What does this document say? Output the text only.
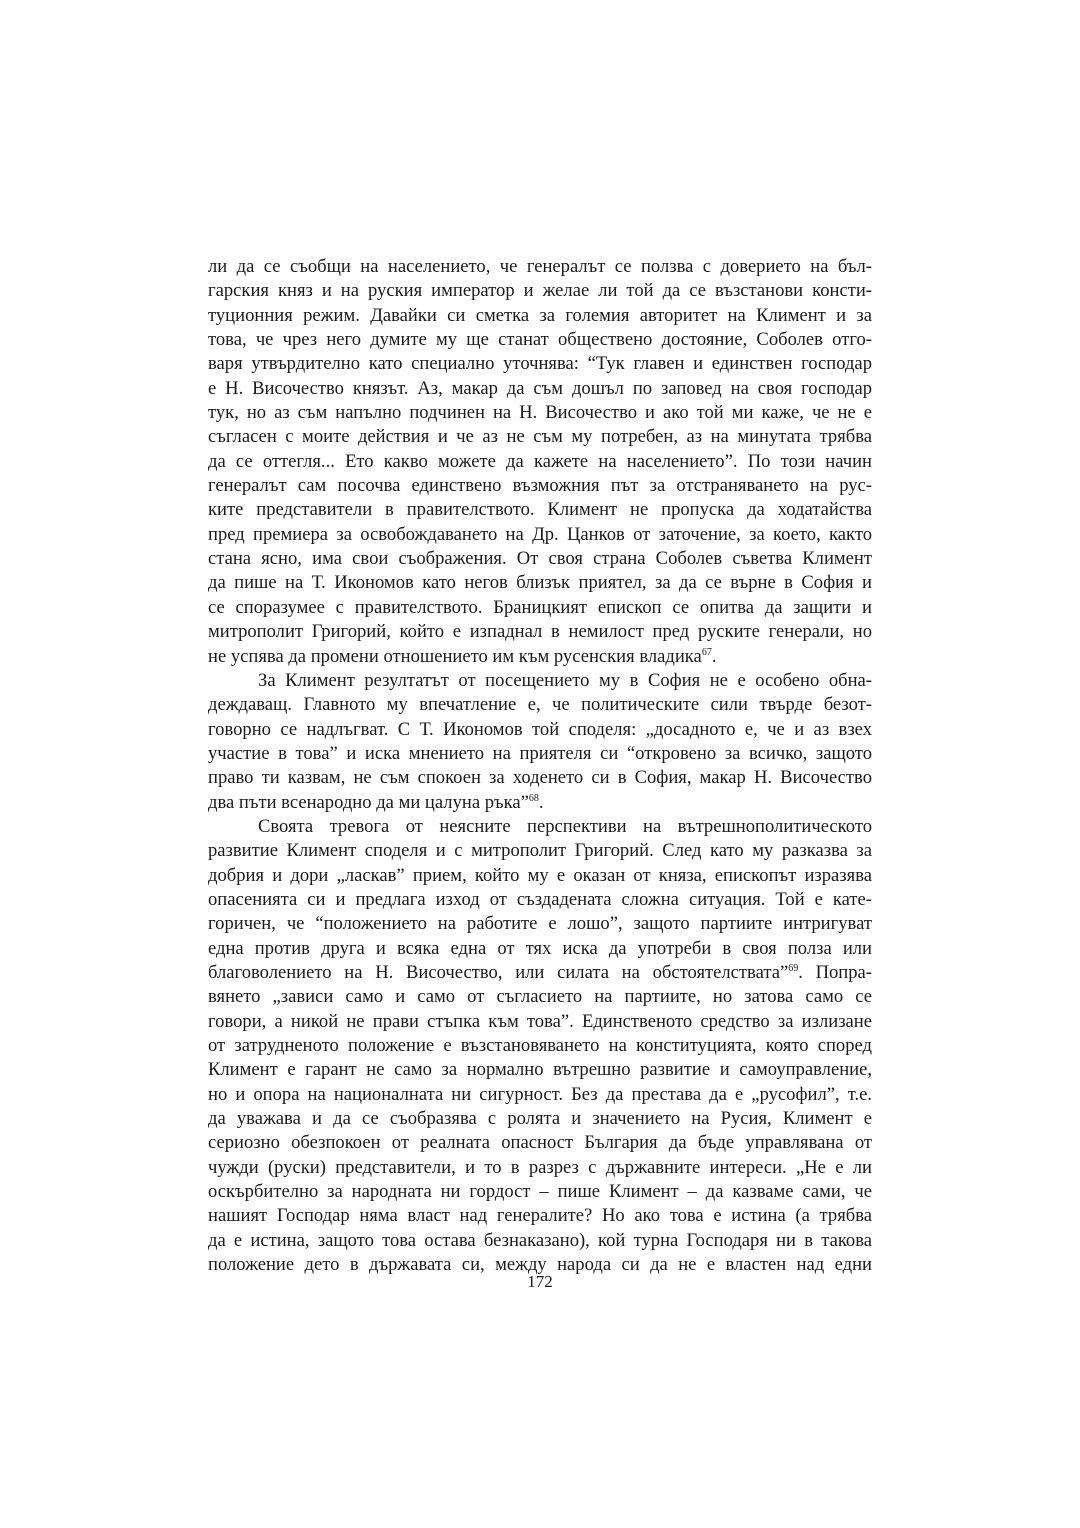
ли да се съобщи на населението, че генералът се ползва с доверието на бъл-
гарския княз и на руския император и желае ли той да се възстанови консти-
туционния режим. Давайки си сметка за големия авторитет на Климент и за
това, че чрез него думите му ще станат обществено достояние, Соболев отго-
варя утвърдително като специално уточнява: “Тук главен и единствен господар
е Н. Височество князът. Аз, макар да съм дошъл по заповед на своя господар
тук, но аз съм напълно подчинен на Н. Височество и ако той ми каже, че не е
съгласен с моите действия и че аз не съм му потребен, аз на минутата трябва
да се оттегля... Ето какво можете да кажете на населението”. По този начин
генералът сам посочва единствено възможния път за отстраняването на рус-
ките представители в правителството. Климент не пропуска да ходатайства
пред премиера за освобождаването на Др. Цанков от заточение, за което, както
стана ясно, има свои съображения. От своя страна Соболев съветва Климент
да пише на Т. Икономов като негов близък приятел, за да се върне в София и
се споразумее с правителството. Браницкият епископ се опитва да защити и
митрополит Григорий, който е изпаднал в немилост пред руските генерали, но
не успява да промени отношението им към русенския владика$^{67}$.
За Климент резултатът от посещението му в София не е особено обна-
деждаващ. Главното му впечатление е, че политическите сили твърде безот-
говорно се надлъгват. С Т. Икономов той споделя: „досадното е, че и аз взех
участие в това” и иска мнението на приятеля си “откровено за всичко, защото
право ти казвам, не съм спокоен за ходенето си в София, макар Н. Височество
два пъти всенародно да ми цалуна ръка”$^{68}$.
Своята тревога от неясните перспективи на вътрешнополитическото
развитие Климент споделя и с митрополит Григорий. След като му разказва за
добрия и дори „ласкав” прием, който му е оказан от княза, епископът изразява
опасенията си и предлага изход от създадената сложна ситуация. Той е кате-
горичен, че “положението на работите е лошо”, защото партиите интригуват
една против друга и всяка една от тях иска да употреби в своя полза или
благоволението на Н. Височество, или силата на обстоятелствата”$^{69}$. Попра-
вянето „зависи само и само от съгласието на партиите, но затова само се
говори, а никой не прави стъпка към това”. Единственото средство за излизане
от затрудненото положение е възстановяването на конституцията, която според
Климент е гарант не само за нормално вътрешно развитие и самоуправление,
но и опора на националната ни сигурност. Без да престава да е „русофил”, т.е.
да уважава и да се съобразява с ролята и значението на Русия, Климент е
сериозно обезпокоен от реалната опасност България да бъде управлявана от
чужди (руски) представители, и то в разрез с държавните интереси. „Не е ли
оскърбително за народната ни гордост – пише Климент – да казваме сами, че
нашият Господар няма власт над генералите? Но ако това е истина (а трябва
да е истина, защото това остава безнаказано), кой турна Господаря ни в такова
положение дето в държавата си, между народа си да не е властен над едни
172
